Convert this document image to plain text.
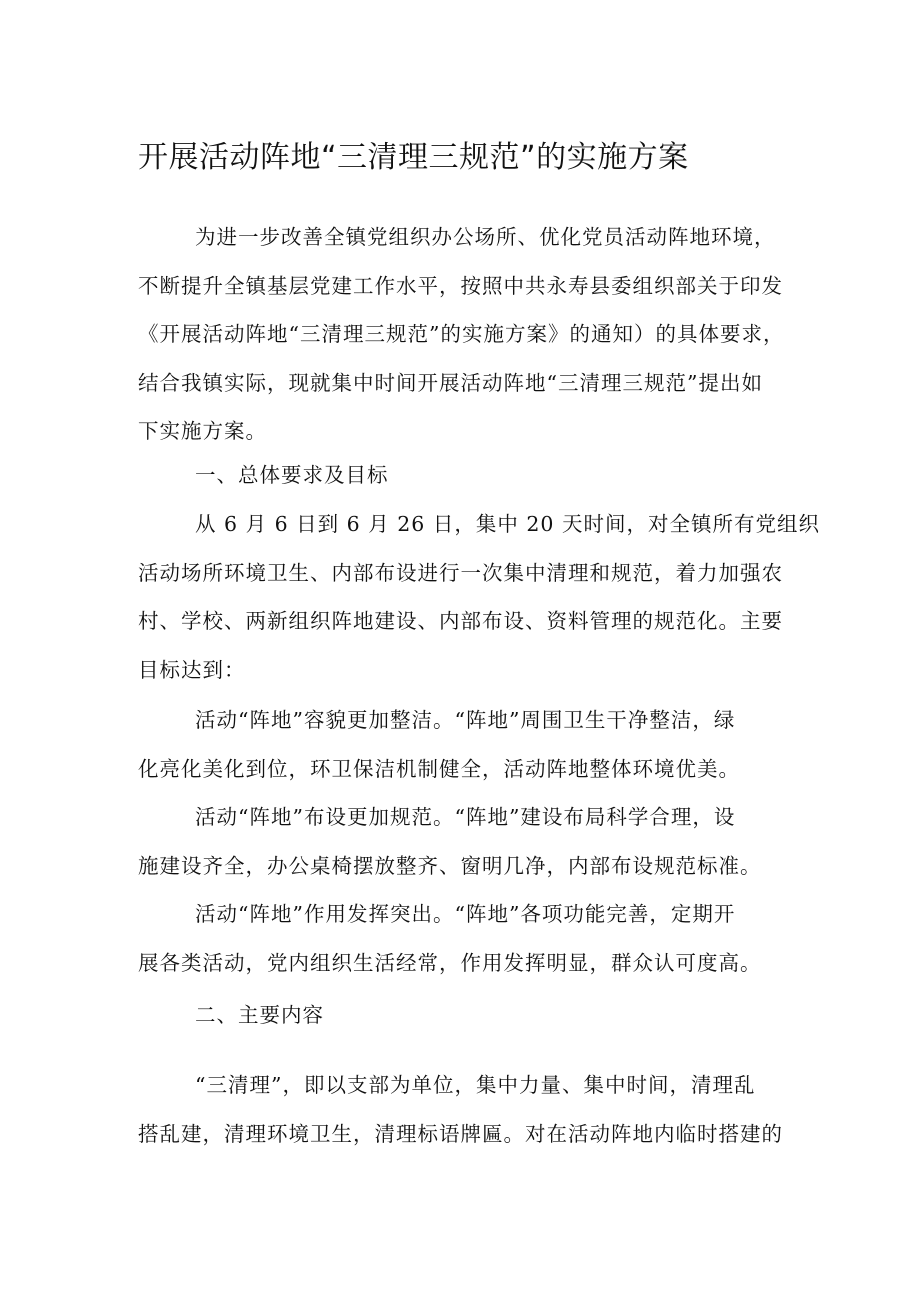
开展活动阵地“三清理三规范”的实施方案
为进一步改善全镇党组织办公场所、优化党员活动阵地环境，
不断提升全镇基层党建工作水平，按照中共永寿县委组织部关于印发
《开展活动阵地“三清理三规范”的实施方案》的通知）的具体要求，
结合我镇实际，现就集中时间开展活动阵地“三清理三规范”提出如
下实施方案。
一、总体要求及目标
从 6 月 6 日到 6 月 26 日，集中 20 天时间，对全镇所有党组织
活动场所环境卫生、内部布设进行一次集中清理和规范，着力加强农
村、学校、两新组织阵地建设、内部布设、资料管理的规范化。主要
目标达到：
活动“阵地”容貌更加整洁。“阵地”周围卫生干净整洁，绿
化亮化美化到位，环卫保洁机制健全，活动阵地整体环境优美。
活动“阵地”布设更加规范。“阵地”建设布局科学合理，设
施建设齐全，办公桌椅摆放整齐、窗明几净，内部布设规范标准。
活动“阵地”作用发挥突出。“阵地”各项功能完善，定期开
展各类活动，党内组织生活经常，作用发挥明显，群众认可度高。
二、主要内容
“三清理”，即以支部为单位，集中力量、集中时间，清理乱
搭乱建，清理环境卫生，清理标语牌匾。对在活动阵地内临时搭建的
